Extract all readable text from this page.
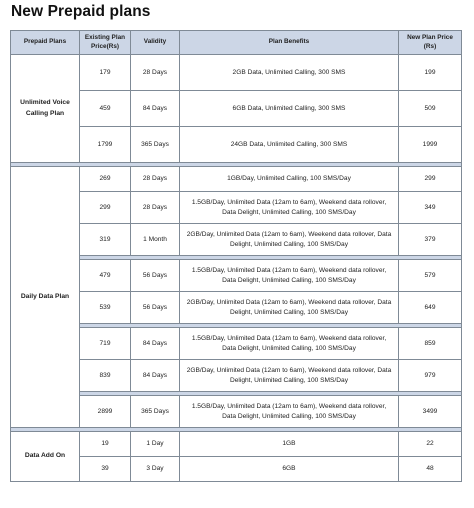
New Prepaid plans
Prepaid Plans	Existing Plan Price(Rs)	Validity	Plan Benefits	New Plan Price (Rs)
Unlimited Voice Calling Plan	179	28 Days	2GB Data, Unlimited Calling, 300 SMS	199
	459	84 Days	6GB Data, Unlimited Calling, 300 SMS	509
	1799	365 Days	24GB Data, Unlimited Calling, 300 SMS	1999

Daily Data Plan	269	28 Days	1GB/Day, Unlimited Calling, 100 SMS/Day	299
	299	28 Days	1.5GB/Day, Unlimited Data (12am to 6am), Weekend data rollover, Data Delight, Unlimited Calling, 100 SMS/Day	349
	319	1 Month	2GB/Day, Unlimited Data (12am to 6am), Weekend data rollover, Data Delight, Unlimited Calling, 100 SMS/Day	379

	479	56 Days	1.5GB/Day, Unlimited Data (12am to 6am), Weekend data rollover, Data Delight, Unlimited Calling, 100 SMS/Day	579
	539	56 Days	2GB/Day, Unlimited Data (12am to 6am), Weekend data rollover, Data Delight, Unlimited Calling, 100 SMS/Day	649

	719	84 Days	1.5GB/Day, Unlimited Data (12am to 6am), Weekend data rollover, Data Delight, Unlimited Calling, 100 SMS/Day	859
	839	84 Days	2GB/Day, Unlimited Data (12am to 6am), Weekend data rollover, Data Delight, Unlimited Calling, 100 SMS/Day	979

	2899	365 Days	1.5GB/Day, Unlimited Data (12am to 6am), Weekend data rollover, Data Delight, Unlimited Calling, 100 SMS/Day	3499

Data Add On	19	1 Day	1GB	22
	39	3 Day	6GB	48
